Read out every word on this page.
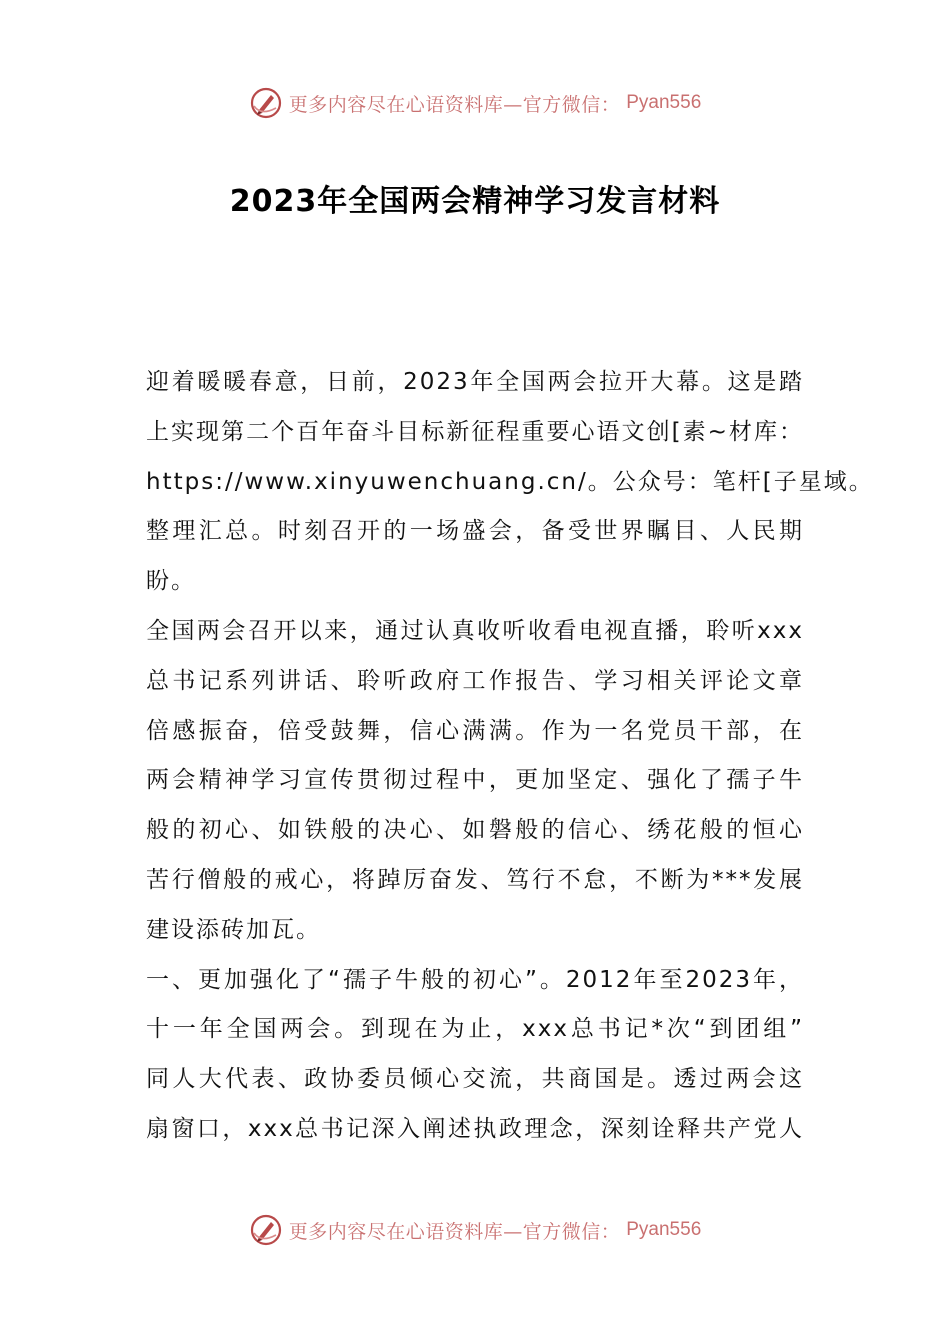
更多内容尽在心语资料库—官方微信： Pyan556
2023年全国两会精神学习发言材料

迎着暖暖春意，日前，2023年全国两会拉开大幕。这是踏
上实现第二个百年奋斗目标新征程重要心语文创[素~材库：
https://www.xinyuwenchuang.cn/。公众号：笔杆[子星域。
整理汇总。时刻召开的一场盛会，备受世界瞩目、人民期
盼。

全国两会召开以来，通过认真收听收看电视直播，聆听xxx
总书记系列讲话、聆听政府工作报告、学习相关评论文章
倍感振奋，倍受鼓舞，信心满满。作为一名党员干部，在
两会精神学习宣传贯彻过程中，更加坚定、强化了孺子牛
般的初心、如铁般的决心、如磐般的信心、绣花般的恒心
苦行僧般的戒心，将踔厉奋发、笃行不怠，不断为***发展
建设添砖加瓦。

一、更加强化了“孺子牛般的初心”。2012年至2023年，
十一年全国两会。到现在为止，xxx总书记*次“到团组”
同人大代表、政协委员倾心交流，共商国是。透过两会这
扇窗口，xxx总书记深入阐述执政理念，深刻诠释共产党人

更多内容尽在心语资料库—官方微信： Pyan556
